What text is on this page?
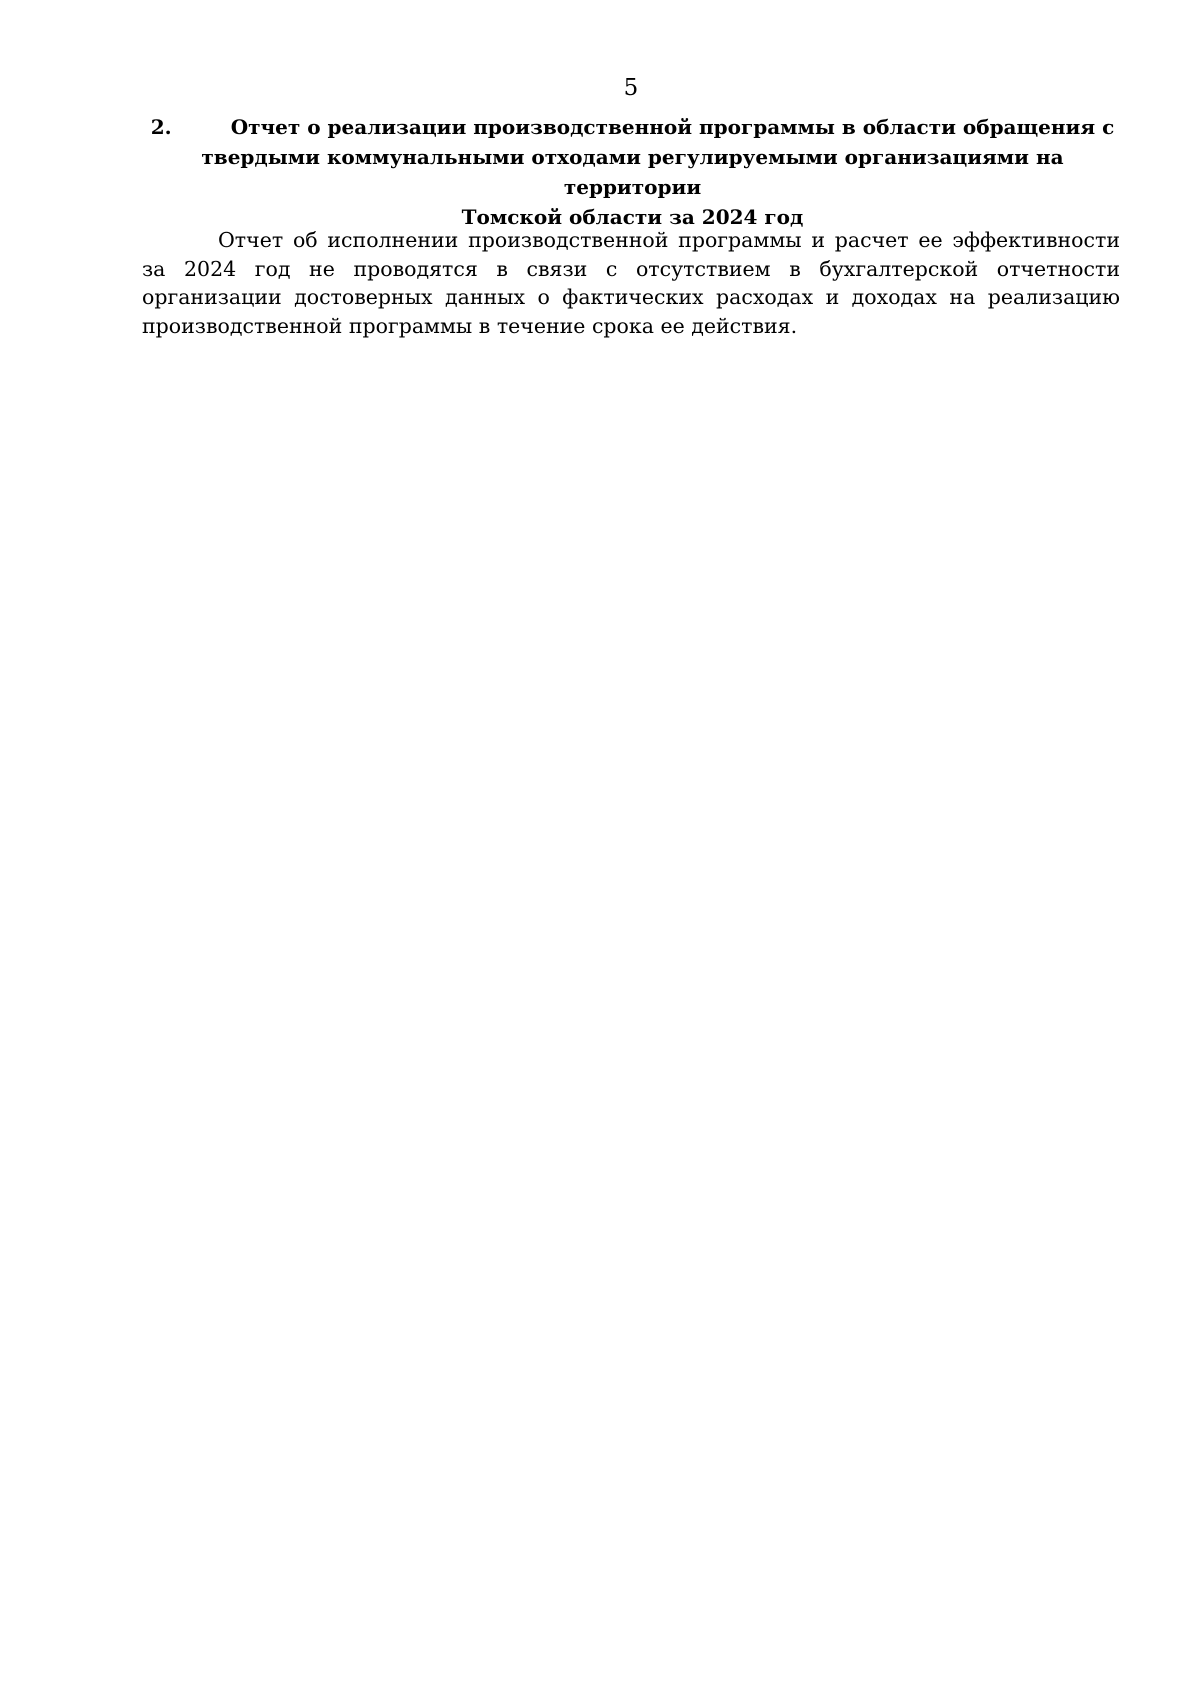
5
2.	Отчет о реализации производственной программы в области обращения с
твердыми коммунальными отходами регулируемыми организациями на территории
Томской области за 2024 год

Отчет об исполнении производственной программы и расчет ее эффективности за 2024 год не проводятся в связи с отсутствием в бухгалтерской отчетности организации достоверных данных о фактических расходах и доходах на реализацию производственной программы в течение срока ее действия.
